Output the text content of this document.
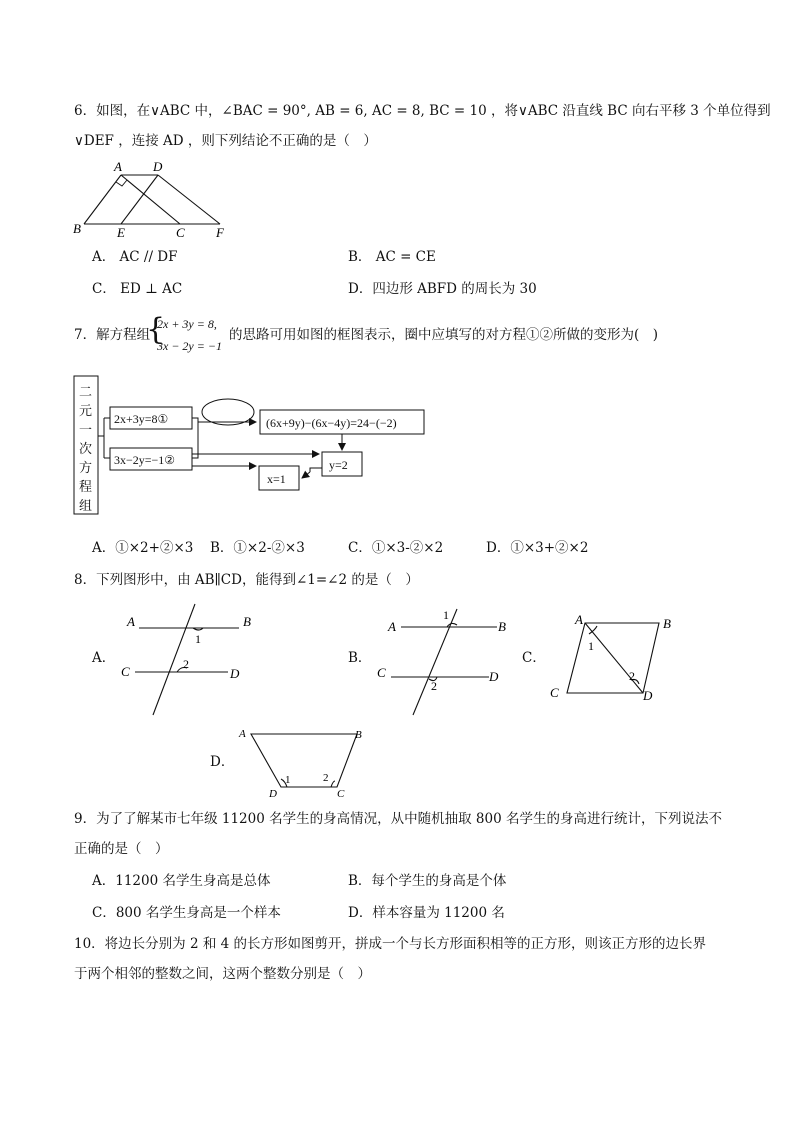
6．如图，在∨ABC 中，∠BAC = 90°, AB = 6, AC = 8, BC = 10 ，将∨ABC 沿直线 BC 向右平移 3 个单位得到
∨DEF ，连接 AD ，则下列结论不正确的是（　）
A D
B	E	C F
A． AC // DF	B． AC = CE
C． ED ⊥ AC	D．四边形 ABFD 的周长为 30
7．解方程组
{
2x + 3y = 8,
3x − 2y = −1
的思路可用如图的框图表示，圈中应填写的对方程①②所做的变形为(　)
二
元
一
次
方
程
组
2x+3y=8①
3x−2y=−1②
(6x+9y)−(6x−4y)=24−(−2)
y=2
x=1
A．①×2+②×3 B．①×2-②×3	C．①×3-②×2	D．①×3+②×2
8．下列图形中，由 AB∥CD，能得到∠1=∠2 的是（　）
A．
A	B
C	D
1
2	B．
A	B
C	D
1
2
C．
A	B
C	D
1
2
D．
A	B
D	C
1	2
9．为了了解某市七年级 11200 名学生的身高情况，从中随机抽取 800 名学生的身高进行统计，下列说法不
正确的是（　）
A．11200 名学生身高是总体	B．每个学生的身高是个体
C．800 名学生身高是一个样本	D．样本容量为 11200 名
10．将边长分别为 2 和 4 的长方形如图剪开，拼成一个与长方形面积相等的正方形，则该正方形的边长界
于两个相邻的整数之间，这两个整数分别是（　）
